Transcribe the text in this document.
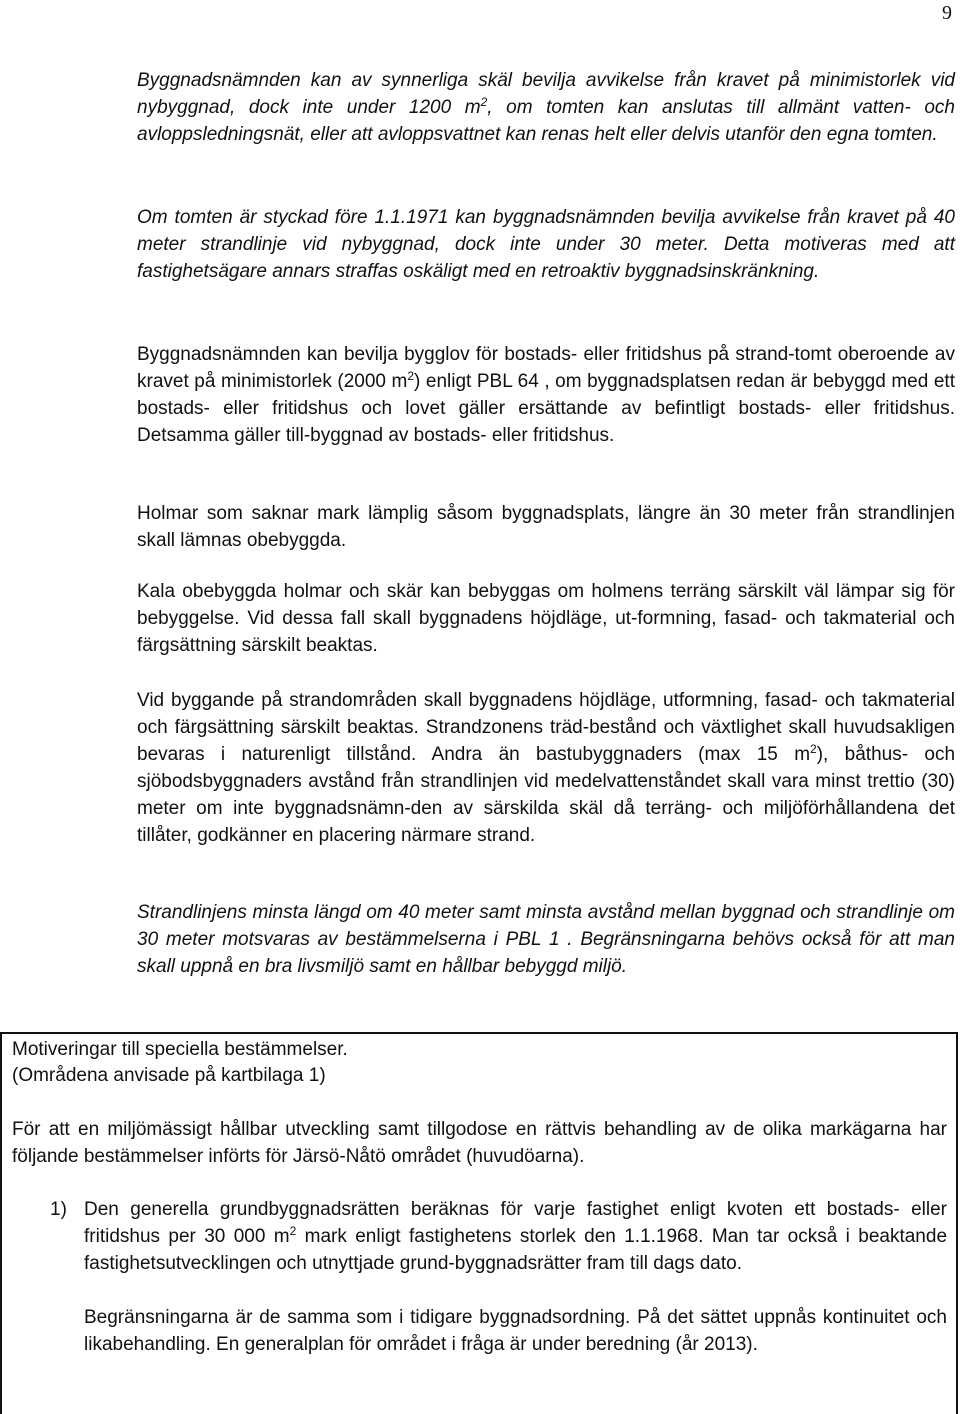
9

Byggnadsnämnden kan av synnerliga skäl bevilja avvikelse från kravet på minimistorlek vid nybyggnad, dock inte under 1200 $m^2$, om tomten kan anslutas till allmänt vatten- och avloppsledningsnät, eller att avloppsvattnet kan renas helt eller delvis utanför den egna tomten.

Om tomten är styckad före 1.1.1971 kan byggnadsnämnden bevilja avvikelse från kravet på 40 meter strandlinje vid nybyggnad, dock inte under 30 meter. Detta motiveras med att fastighetsägare annars straffas oskäligt med en retroaktiv byggnadsinskränkning.

Byggnadsnämnden kan bevilja bygglov för bostads- eller fritidshus på strand-tomt oberoende av kravet på minimistorlek (2000 $m^2$) enligt PBL 64 , om byggnadsplatsen redan är bebyggd med ett bostads- eller fritidshus och lovet gäller ersättande av befintligt bostads- eller fritidshus. Detsamma gäller till-byggnad av bostads- eller fritidshus.

Holmar som saknar mark lämplig såsom byggnadsplats, längre än 30 meter från strandlinjen skall lämnas obebyggda.

Kala obebyggda holmar och skär kan bebyggas om holmens terräng särskilt väl lämpar sig för bebyggelse. Vid dessa fall skall byggnadens höjdläge, ut-formning, fasad- och takmaterial och färgsättning särskilt beaktas.

Vid byggande på strandområden skall byggnadens höjdläge, utformning, fasad- och takmaterial och färgsättning särskilt beaktas. Strandzonens träd-bestånd och växtlighet skall huvudsakligen bevaras i naturenligt tillstånd. Andra än bastubyggnaders (max 15 $m^2$), båthus- och sjöbodsbyggnaders avstånd från strandlinjen vid medelvattenståndet skall vara minst trettio (30) meter om inte byggnadsnämn-den av särskilda skäl då terräng- och miljöförhållandena det tillåter, godkänner en placering närmare strand.

Strandlinjens minsta längd om 40 meter samt minsta avstånd mellan byggnad och strandlinje om 30 meter motsvaras av bestämmelserna i PBL 1 . Begränsningarna behövs också för att man skall uppnå en bra livsmiljö samt en hållbar bebyggd miljö.

Motiveringar till speciella bestämmelser.
(Områdena anvisade på kartbilaga 1)
För att en miljömässigt hållbar utveckling samt tillgodose en rättvis behandling av de olika markägarna har följande bestämmelser införts för Järsö-Nåtö området (huvudöarna).
1) Den generella grundbyggnadsrätten beräknas för varje fastighet enligt kvoten ett bostads- eller fritidshus per 30 000 $m^2$ mark enligt fastighetens storlek den 1.1.1968. Man tar också i beaktande fastighetsutvecklingen och utnyttjade grund-byggnadsrätter fram till dags dato.

Begränsningarna är de samma som i tidigare byggnadsordning. På det sättet uppnås kontinuitet och likabehandling. En generalplan för området i fråga är under beredning (år 2013).
